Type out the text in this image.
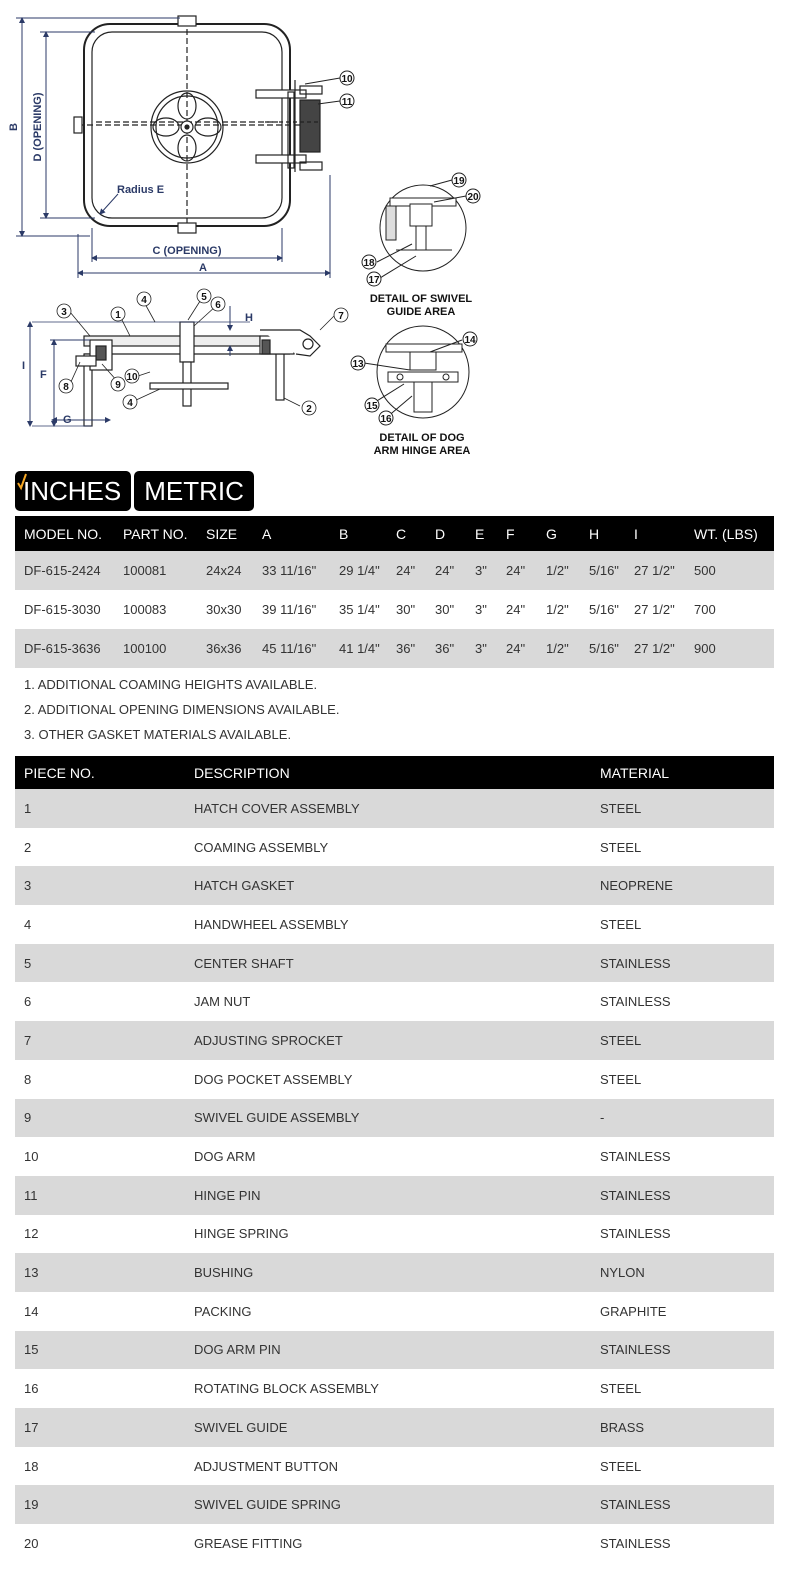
B D (OPENING)
C (OPENING)
A
Radius E
10
11
I
F
G
H
3	1
4	5
6
7
8	9
10
4
2
19
20
18
17
DETAIL OF SWIVEL
GUIDE AREA
14
13
15
16
DETAIL OF DOG
ARM HINGE AREA
INCHES METRIC
MODEL NO.	PART NO.	SIZE	A	B	C	D	E	F	G	H	I	WT. (LBS)
DF-615-2424	100081	24x24	33 11/16"	29 1/4"	24"	24"	3"	24"	1/2"	5/16"	27 1/2"	500
DF-615-3030	100083	30x30	39 11/16"	35 1/4"	30"	30"	3"	24"	1/2"	5/16"	27 1/2"	700
DF-615-3636	100100	36x36	45 11/16"	41 1/4"	36"	36"	3"	24"	1/2"	5/16"	27 1/2"	900
1. ADDITIONAL COAMING HEIGHTS AVAILABLE.
2. ADDITIONAL OPENING DIMENSIONS AVAILABLE.
3. OTHER GASKET MATERIALS AVAILABLE.
PIECE NO.	DESCRIPTION	MATERIAL
1	HATCH COVER ASSEMBLY	STEEL
2	COAMING ASSEMBLY	STEEL
3	HATCH GASKET	NEOPRENE
4	HANDWHEEL ASSEMBLY	STEEL
5	CENTER SHAFT	STAINLESS
6	JAM NUT	STAINLESS
7	ADJUSTING SPROCKET	STEEL
8	DOG POCKET ASSEMBLY	STEEL
9	SWIVEL GUIDE ASSEMBLY	-
10	DOG ARM	STAINLESS
11	HINGE PIN	STAINLESS
12	HINGE SPRING	STAINLESS
13	BUSHING	NYLON
14	PACKING	GRAPHITE
15	DOG ARM PIN	STAINLESS
16	ROTATING BLOCK ASSEMBLY	STEEL
17	SWIVEL GUIDE	BRASS
18	ADJUSTMENT BUTTON	STEEL
19	SWIVEL GUIDE SPRING	STAINLESS
20	GREASE FITTING	STAINLESS
